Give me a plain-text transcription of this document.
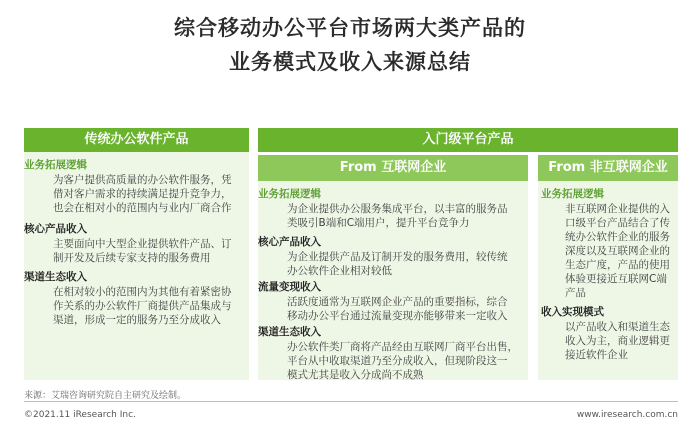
综合移动办公平台市场两大类产品的
业务模式及收入来源总结
传统办公软件产品
业务拓展逻辑
为客户提供高质量的办公软件服务，凭
借对客户需求的持续满足提升竞争力，
也会在相对小的范围内与业内厂商合作
核心产品收入
主要面向中大型企业提供软件产品、订
制开发及后续专家支持的服务费用
渠道生态收入
在相对较小的范围内为其他有着紧密协
作关系的办公软件厂商提供产品集成与
渠道，形成一定的服务乃至分成收入
入门级平台产品
From 互联网企业
业务拓展逻辑
为企业提供办公服务集成平台，以丰富的服务品
类吸引B端和C端用户，提升平台竞争力
核心产品收入
为企业提供产品及订制开发的服务费用，较传统
办公软件企业相对较低
流量变现收入
活跃度通常为互联网企业产品的重要指标，综合
移动办公平台通过流量变现亦能够带来一定收入
渠道生态收入
办公软件类厂商将产品经由互联网厂商平台出售，
平台从中收取渠道乃至分成收入，但现阶段这一
模式尤其是收入分成尚不成熟
From 非互联网企业
业务拓展逻辑
非互联网企业提供的入
口级平台产品结合了传
统办公软件企业的服务
深度以及互联网企业的
生态广度，产品的使用
体验更接近互联网C端
产品
收入实现模式
以产品收入和渠道生态
收入为主，商业逻辑更
接近软件企业
来源：艾瑞咨询研究院自主研究及绘制。
©2021.11 iResearch Inc.	www.iresearch.com.cn
